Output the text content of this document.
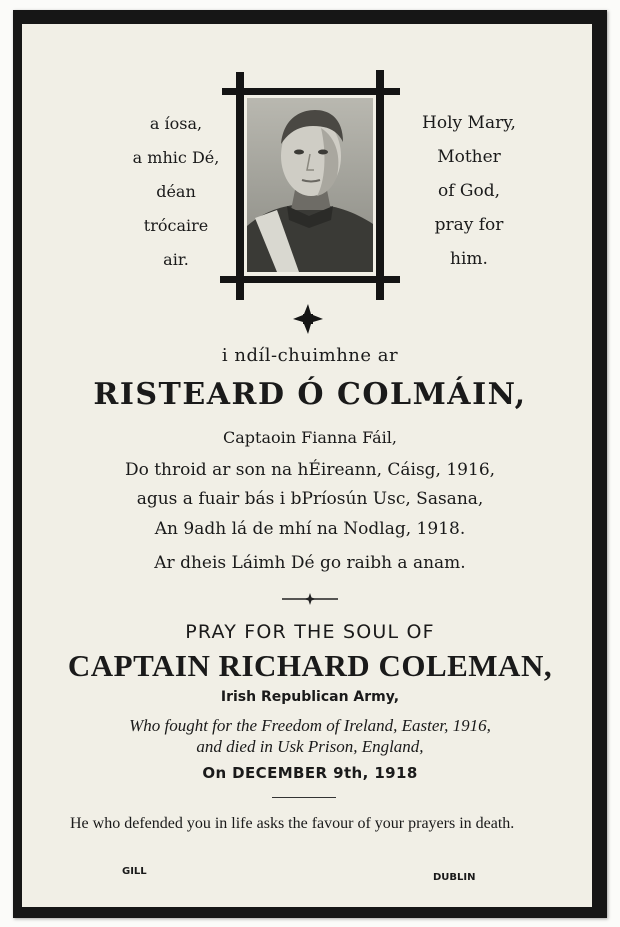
a íosa,
a mhic Dé,
déan
trócaire
air.
Holy Mary,
Mother
of God,
pray for
him.
i ndíl-chuimhne ar
RISTEARD Ó COLMÁIN,
Captaoin Fianna Fáil,
Do throid ar son na hÉireann, Cáisg, 1916,
agus a fuair bás i bPríosún Usc, Sasana,
An 9adh lá de mhí na Nodlag, 1918.
Ar dheis Láimh Dé go raibh a anam.
PRAY FOR THE SOUL OF
CAPTAIN RICHARD COLEMAN,
Irish Republican Army,
Who fought for the Freedom of Ireland, Easter, 1916,
and died in Usk Prison, England,
On DECEMBER 9th, 1918
He who defended you in life asks the favour of your prayers in death.
GILL
DUBLIN
